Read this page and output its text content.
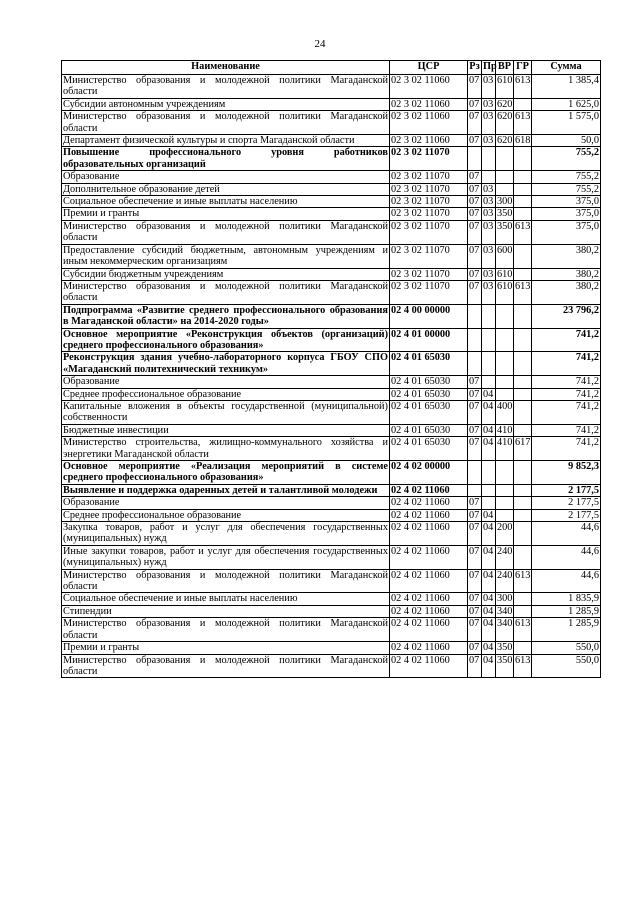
24
Наименование	ЦСР	Рз	Пр	ВР	ГР	Сумма
Министерство образования и молодежной политики Магаданской области	02 3 02 11060	07	03	610	613	1 385,4
Субсидии автономным учреждениям	02 3 02 11060	07	03	620		1 625,0
Министерство образования и молодежной политики Магаданской области	02 3 02 11060	07	03	620	613	1 575,0
Департамент физической культуры и спорта Магаданской области	02 3 02 11060	07	03	620	618	50,0
Повышение профессионального уровня работников образовательных организаций	02 3 02 11070					755,2
Образование	02 3 02 11070	07				755,2
Дополнительное образование детей	02 3 02 11070	07	03			755,2
Социальное обеспечение и иные выплаты населению	02 3 02 11070	07	03	300		375,0
Премии и гранты	02 3 02 11070	07	03	350		375,0
Министерство образования и молодежной политики Магаданской области	02 3 02 11070	07	03	350	613	375,0
Предоставление субсидий бюджетным, автономным учреждениям и иным некоммерческим организациям	02 3 02 11070	07	03	600		380,2
Субсидии бюджетным учреждениям	02 3 02 11070	07	03	610		380,2
Министерство образования и молодежной политики Магаданской области	02 3 02 11070	07	03	610	613	380,2
Подпрограмма «Развитие среднего профессионального образования в Магаданской области» на 2014-2020 годы»	02 4 00 00000					23 796,2
Основное мероприятие «Реконструкция объектов (организаций) среднего профессионального образования»	02 4 01 00000					741,2
Реконструкция здания учебно-лабораторного корпуса ГБОУ СПО «Магаданский политехнический техникум»	02 4 01 65030					741,2
Образование	02 4 01 65030	07				741,2
Среднее профессиональное образование	02 4 01 65030	07	04			741,2
Капитальные вложения в объекты государственной (муниципальной) собственности	02 4 01 65030	07	04	400		741,2
Бюджетные инвестиции	02 4 01 65030	07	04	410		741,2
Министерство строительства, жилищно-коммунального хозяйства и энергетики Магаданской области	02 4 01 65030	07	04	410	617	741,2
Основное мероприятие «Реализация мероприятий в системе среднего профессионального образования»	02 4 02 00000					9 852,3
Выявление и поддержка одаренных детей и талантливой молодежи	02 4 02 11060					2 177,5
Образование	02 4 02 11060	07				2 177,5
Среднее профессиональное образование	02 4 02 11060	07	04			2 177,5
Закупка товаров, работ и услуг для обеспечения государственных (муниципальных) нужд	02 4 02 11060	07	04	200		44,6
Иные закупки товаров, работ и услуг для обеспечения государственных (муниципальных) нужд	02 4 02 11060	07	04	240		44,6
Министерство образования и молодежной политики Магаданской области	02 4 02 11060	07	04	240	613	44,6
Социальное обеспечение и иные выплаты населению	02 4 02 11060	07	04	300		1 835,9
Стипендии	02 4 02 11060	07	04	340		1 285,9
Министерство образования и молодежной политики Магаданской области	02 4 02 11060	07	04	340	613	1 285,9
Премии и гранты	02 4 02 11060	07	04	350		550,0
Министерство образования и молодежной политики Магаданской области	02 4 02 11060	07	04	350	613	550,0
